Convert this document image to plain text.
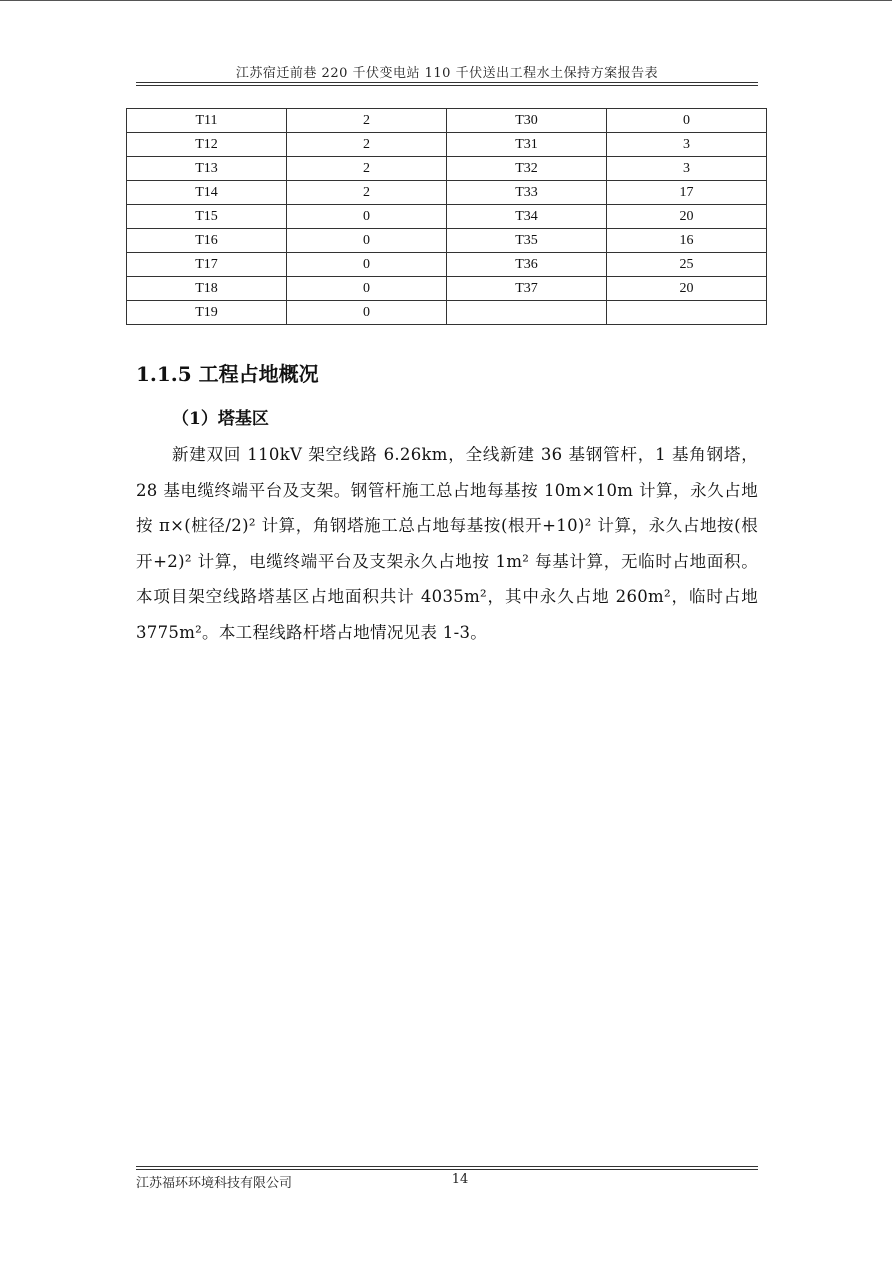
江苏宿迁前巷 220 千伏变电站 110 千伏送出工程水土保持方案报告表
T11	2	T30	0
T12	2	T31	3
T13	2	T32	3
T14	2	T33	17
T15	0	T34	20
T16	0	T35	16
T17	0	T36	25
T18	0	T37	20
T19	0		
1.1.5 工程占地概况
（1）塔基区
新建双回 110kV 架空线路 6.26km，全线新建 36 基钢管杆，1 基角钢塔，28 基电缆终端平台及支架。钢管杆施工总占地每基按 10m×10m 计算，永久占地按 π×(桩径/2)² 计算，角钢塔施工总占地每基按(根开+10)² 计算，永久占地按(根开+2)² 计算，电缆终端平台及支架永久占地按 1m² 每基计算，无临时占地面积。本项目架空线路塔基区占地面积共计 4035m²，其中永久占地 260m²，临时占地 3775m²。本工程线路杆塔占地情况见表 1-3。
江苏福环环境科技有限公司	14
